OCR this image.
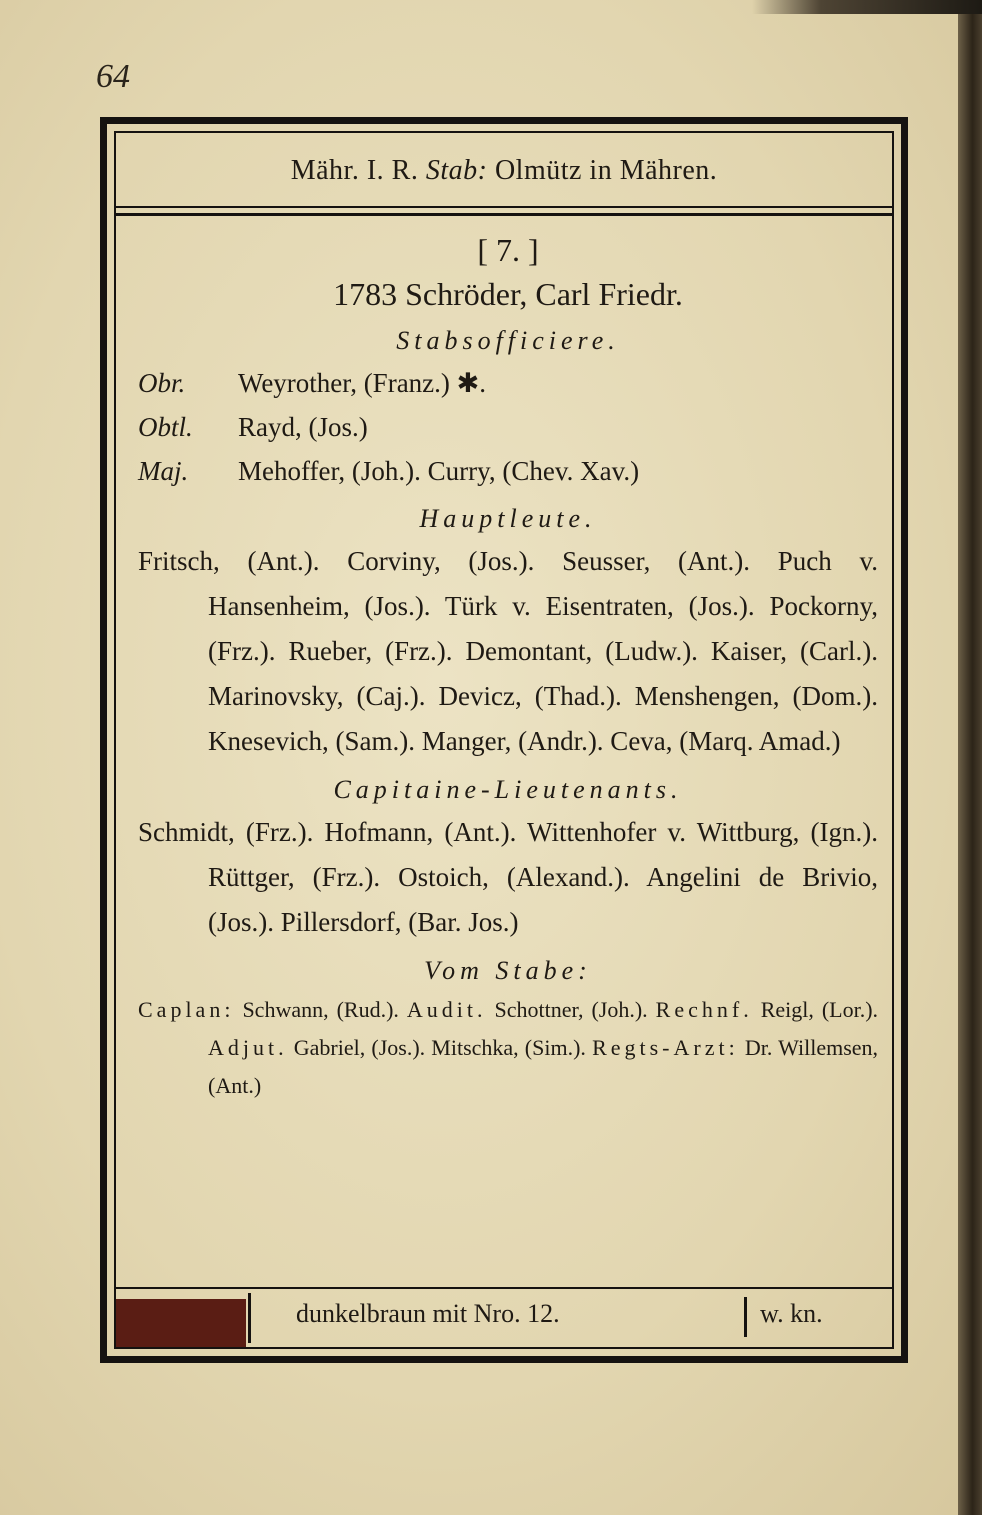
64
Mähr. I. R. Stab: Olmütz in Mähren.
[ 7. ]
1783 Schröder, Carl Friedr.
Stabsofficiere.
Obr.	Weyrother, (Franz.) ✱.
Obtl.	Rayd, (Jos.)
Maj.	Mehoffer, (Joh.). Curry, (Chev. Xav.)
Hauptleute.
Fritsch, (Ant.). Corviny, (Jos.). Seusser, (Ant.). Puch v. Hansenheim, (Jos.). Türk v. Eisentraten, (Jos.). Pockorny, (Frz.). Rueber, (Frz.). Demontant, (Ludw.). Kaiser, (Carl.). Marinovsky, (Caj.). Devicz, (Thad.). Menshengen, (Dom.). Knesevich, (Sam.). Manger, (Andr.). Ceva, (Marq. Amad.)
Capitaine-Lieutenants.
Schmidt, (Frz.). Hofmann, (Ant.). Wittenhofer v. Wittburg, (Ign.). Rüttger, (Frz.). Ostoich, (Alexand.). Angelini de Brivio, (Jos.). Pillersdorf, (Bar. Jos.)
Vom Stabe:
Caplan: Schwann, (Rud.). Audit. Schottner, (Joh.). Rechnf. Reigl, (Lor.). Adjut. Gabriel, (Jos.). Mitschka, (Sim.). Regts-Arzt: Dr. Willemsen, (Ant.)
dunkelbraun mit Nro. 12.	w. kn.
